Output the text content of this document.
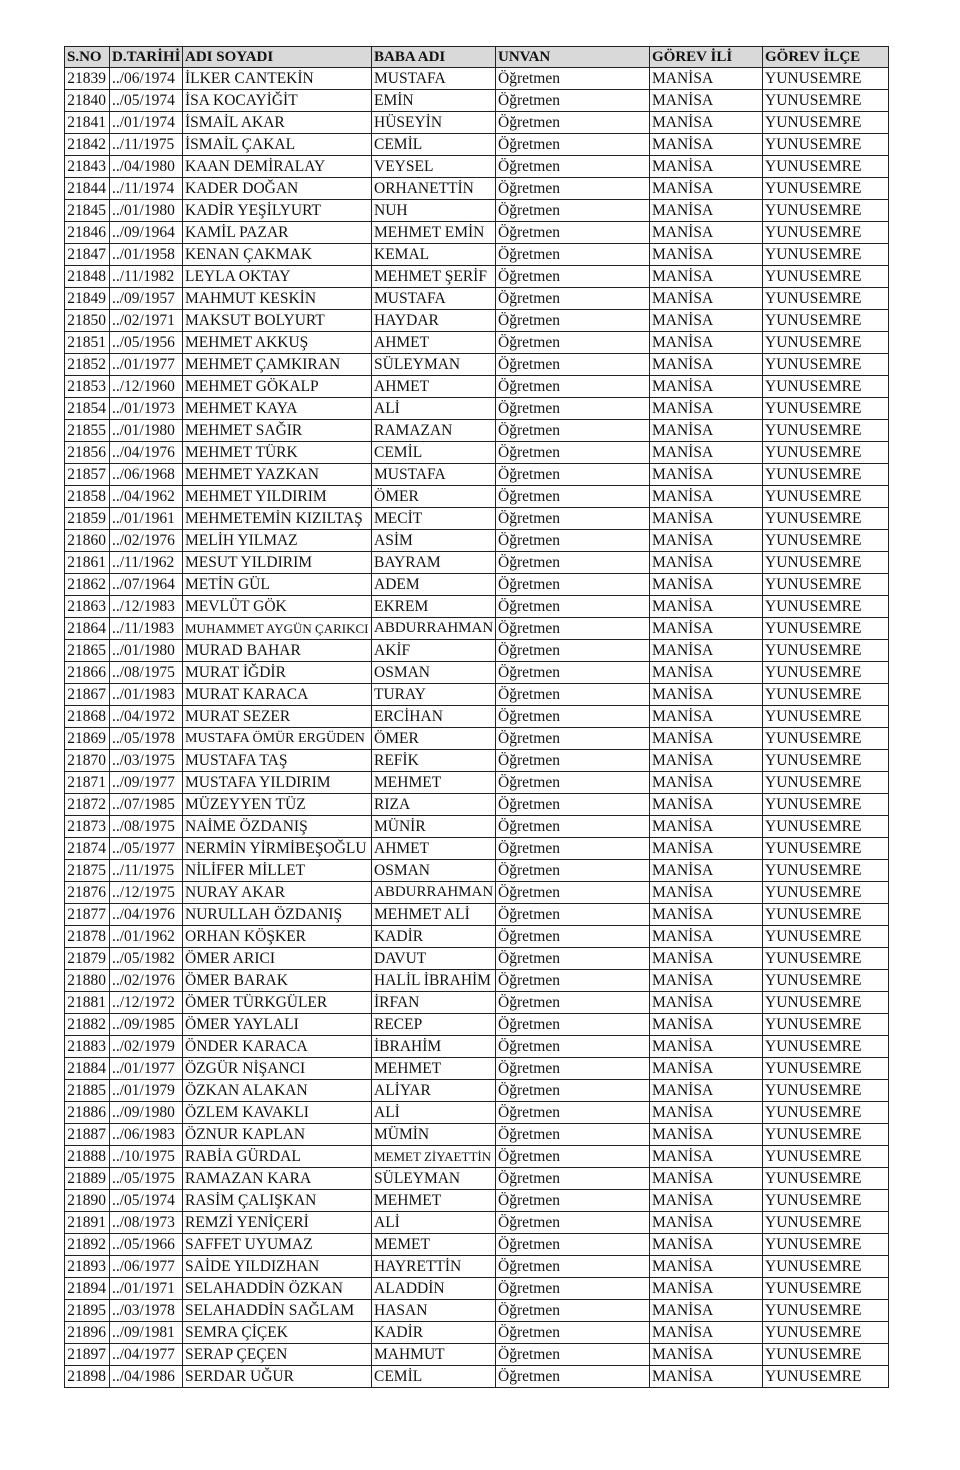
S.NO	D.TARİHİ	ADI SOYADI	BABA ADI	UNVAN	GÖREV İLİ	GÖREV İLÇE
21839	../06/1974	İLKER CANTEKİN	MUSTAFA	Öğretmen	MANİSA	YUNUSEMRE
21840	../05/1974	İSA KOCAYİĞİT	EMİN	Öğretmen	MANİSA	YUNUSEMRE
21841	../01/1974	İSMAİL AKAR	HÜSEYİN	Öğretmen	MANİSA	YUNUSEMRE
21842	../11/1975	İSMAİL ÇAKAL	CEMİL	Öğretmen	MANİSA	YUNUSEMRE
21843	../04/1980	KAAN DEMİRALAY	VEYSEL	Öğretmen	MANİSA	YUNUSEMRE
21844	../11/1974	KADER DOĞAN	ORHANETTİN	Öğretmen	MANİSA	YUNUSEMRE
21845	../01/1980	KADİR YEŞİLYURT	NUH	Öğretmen	MANİSA	YUNUSEMRE
21846	../09/1964	KAMİL PAZAR	MEHMET EMİN	Öğretmen	MANİSA	YUNUSEMRE
21847	../01/1958	KENAN ÇAKMAK	KEMAL	Öğretmen	MANİSA	YUNUSEMRE
21848	../11/1982	LEYLA OKTAY	MEHMET ŞERİF	Öğretmen	MANİSA	YUNUSEMRE
21849	../09/1957	MAHMUT KESKİN	MUSTAFA	Öğretmen	MANİSA	YUNUSEMRE
21850	../02/1971	MAKSUT BOLYURT	HAYDAR	Öğretmen	MANİSA	YUNUSEMRE
21851	../05/1956	MEHMET AKKUŞ	AHMET	Öğretmen	MANİSA	YUNUSEMRE
21852	../01/1977	MEHMET ÇAMKIRAN	SÜLEYMAN	Öğretmen	MANİSA	YUNUSEMRE
21853	../12/1960	MEHMET GÖKALP	AHMET	Öğretmen	MANİSA	YUNUSEMRE
21854	../01/1973	MEHMET KAYA	ALİ	Öğretmen	MANİSA	YUNUSEMRE
21855	../01/1980	MEHMET SAĞIR	RAMAZAN	Öğretmen	MANİSA	YUNUSEMRE
21856	../04/1976	MEHMET TÜRK	CEMİL	Öğretmen	MANİSA	YUNUSEMRE
21857	../06/1968	MEHMET YAZKAN	MUSTAFA	Öğretmen	MANİSA	YUNUSEMRE
21858	../04/1962	MEHMET YILDIRIM	ÖMER	Öğretmen	MANİSA	YUNUSEMRE
21859	../01/1961	MEHMETEMİN KIZILTAŞ	MECİT	Öğretmen	MANİSA	YUNUSEMRE
21860	../02/1976	MELİH YILMAZ	ASİM	Öğretmen	MANİSA	YUNUSEMRE
21861	../11/1962	MESUT YILDIRIM	BAYRAM	Öğretmen	MANİSA	YUNUSEMRE
21862	../07/1964	METİN GÜL	ADEM	Öğretmen	MANİSA	YUNUSEMRE
21863	../12/1983	MEVLÜT GÖK	EKREM	Öğretmen	MANİSA	YUNUSEMRE
21864	../11/1983	MUHAMMET AYGÜN ÇARIKCI	ABDURRAHMAN	Öğretmen	MANİSA	YUNUSEMRE
21865	../01/1980	MURAD BAHAR	AKİF	Öğretmen	MANİSA	YUNUSEMRE
21866	../08/1975	MURAT İĞDİR	OSMAN	Öğretmen	MANİSA	YUNUSEMRE
21867	../01/1983	MURAT KARACA	TURAY	Öğretmen	MANİSA	YUNUSEMRE
21868	../04/1972	MURAT SEZER	ERCİHAN	Öğretmen	MANİSA	YUNUSEMRE
21869	../05/1978	MUSTAFA ÖMÜR ERGÜDEN	ÖMER	Öğretmen	MANİSA	YUNUSEMRE
21870	../03/1975	MUSTAFA TAŞ	REFİK	Öğretmen	MANİSA	YUNUSEMRE
21871	../09/1977	MUSTAFA YILDIRIM	MEHMET	Öğretmen	MANİSA	YUNUSEMRE
21872	../07/1985	MÜZEYYEN TÜZ	RIZA	Öğretmen	MANİSA	YUNUSEMRE
21873	../08/1975	NAİME ÖZDANIŞ	MÜNİR	Öğretmen	MANİSA	YUNUSEMRE
21874	../05/1977	NERMİN YİRMİBEŞOĞLU	AHMET	Öğretmen	MANİSA	YUNUSEMRE
21875	../11/1975	NİLİFER MİLLET	OSMAN	Öğretmen	MANİSA	YUNUSEMRE
21876	../12/1975	NURAY AKAR	ABDURRAHMAN	Öğretmen	MANİSA	YUNUSEMRE
21877	../04/1976	NURULLAH ÖZDANIŞ	MEHMET ALİ	Öğretmen	MANİSA	YUNUSEMRE
21878	../01/1962	ORHAN KÖŞKER	KADİR	Öğretmen	MANİSA	YUNUSEMRE
21879	../05/1982	ÖMER ARICI	DAVUT	Öğretmen	MANİSA	YUNUSEMRE
21880	../02/1976	ÖMER BARAK	HALİL İBRAHİM	Öğretmen	MANİSA	YUNUSEMRE
21881	../12/1972	ÖMER TÜRKGÜLER	İRFAN	Öğretmen	MANİSA	YUNUSEMRE
21882	../09/1985	ÖMER YAYLALI	RECEP	Öğretmen	MANİSA	YUNUSEMRE
21883	../02/1979	ÖNDER KARACA	İBRAHİM	Öğretmen	MANİSA	YUNUSEMRE
21884	../01/1977	ÖZGÜR NİŞANCI	MEHMET	Öğretmen	MANİSA	YUNUSEMRE
21885	../01/1979	ÖZKAN ALAKAN	ALİYAR	Öğretmen	MANİSA	YUNUSEMRE
21886	../09/1980	ÖZLEM KAVAKLI	ALİ	Öğretmen	MANİSA	YUNUSEMRE
21887	../06/1983	ÖZNUR KAPLAN	MÜMİN	Öğretmen	MANİSA	YUNUSEMRE
21888	../10/1975	RABİA GÜRDAL	MEMET ZİYAETTİN	Öğretmen	MANİSA	YUNUSEMRE
21889	../05/1975	RAMAZAN KARA	SÜLEYMAN	Öğretmen	MANİSA	YUNUSEMRE
21890	../05/1974	RASİM ÇALIŞKAN	MEHMET	Öğretmen	MANİSA	YUNUSEMRE
21891	../08/1973	REMZİ YENİÇERİ	ALİ	Öğretmen	MANİSA	YUNUSEMRE
21892	../05/1966	SAFFET UYUMAZ	MEMET	Öğretmen	MANİSA	YUNUSEMRE
21893	../06/1977	SAİDE YILDIZHAN	HAYRETTİN	Öğretmen	MANİSA	YUNUSEMRE
21894	../01/1971	SELAHADDİN ÖZKAN	ALADDİN	Öğretmen	MANİSA	YUNUSEMRE
21895	../03/1978	SELAHADDİN SAĞLAM	HASAN	Öğretmen	MANİSA	YUNUSEMRE
21896	../09/1981	SEMRA ÇİÇEK	KADİR	Öğretmen	MANİSA	YUNUSEMRE
21897	../04/1977	SERAP ÇEÇEN	MAHMUT	Öğretmen	MANİSA	YUNUSEMRE
21898	../04/1986	SERDAR UĞUR	CEMİL	Öğretmen	MANİSA	YUNUSEMRE
